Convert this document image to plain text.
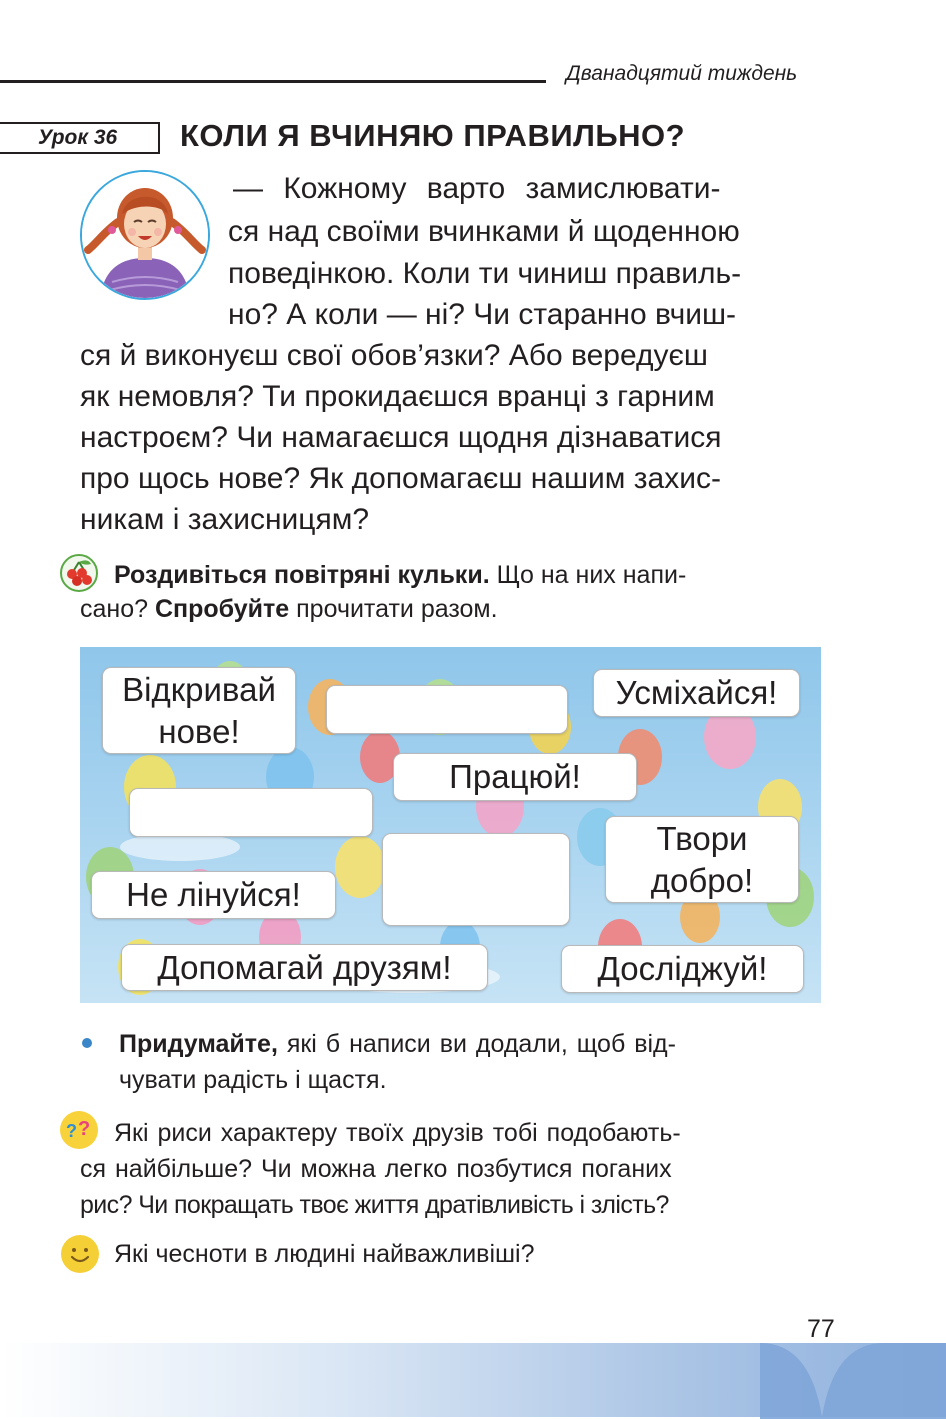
Дванадцятий тиждень
Урок 36 КОЛИ Я ВЧИНЯЮ ПРАВИЛЬНО?
— Кожному варто замислювати-
ся над своїми вчинками й щоденною
поведінкою. Коли ти чиниш правиль-
но? А коли — ні? Чи старанно вчиш-
ся й виконуєш свої обов’язки? Або вередуєш
як немовля? Ти прокидаєшся вранці з гарним
настроєм? Чи намагаєшся щодня дізнаватися
про щось нове? Як допомагаєш нашим захис-
никам і захисницям?
Роздивіться повітряні кульки. Що на них напи-
сано? Спробуйте прочитати разом.
Відкривай
нове!
Усміхайся!
Працюй!
Твори
добро!
Не лінуйся!
Допомагай друзям!	Досліджуй!
Придумайте, які б написи ви додали, щоб від-
чувати радість і щастя.
? ? Які риси характеру твоїх друзів тобі подобають-
ся найбільше? Чи можна легко позбутися поганих
рис? Чи покращать твоє життя дратівливість і злість?
Які чесноти в людині найважливіші?
77
